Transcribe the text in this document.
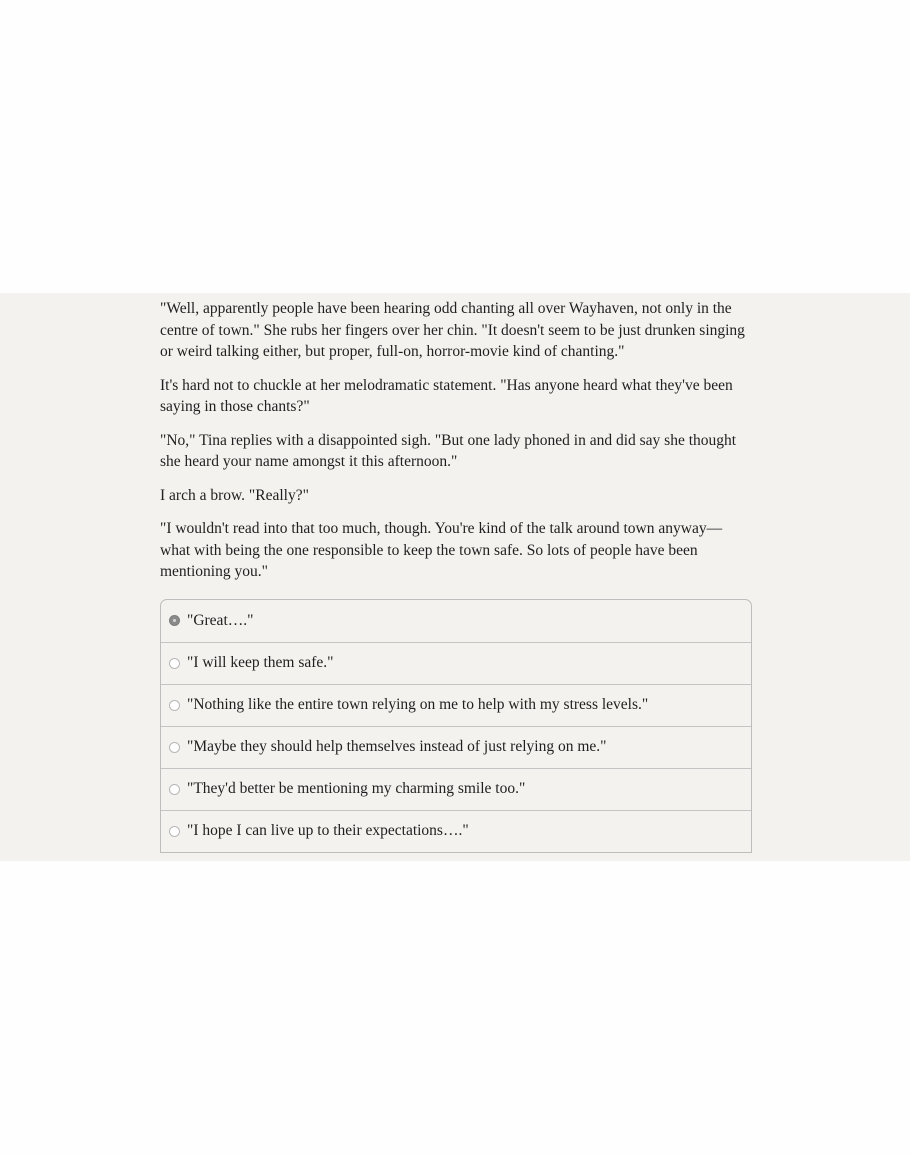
"Well, apparently people have been hearing odd chanting all over Wayhaven, not only in the centre of town." She rubs her fingers over her chin. "It doesn't seem to be just drunken singing or weird talking either, but proper, full-on, horror-movie kind of chanting."

It's hard not to chuckle at her melodramatic statement. "Has anyone heard what they've been saying in those chants?"

"No," Tina replies with a disappointed sigh. "But one lady phoned in and did say she thought she heard your name amongst it this afternoon."

I arch a brow. "Really?"

"I wouldn't read into that too much, though. You're kind of the talk around town anyway—what with being the one responsible to keep the town safe. So lots of people have been mentioning you."

"Great…."
"I will keep them safe."
"Nothing like the entire town relying on me to help with my stress levels."
"Maybe they should help themselves instead of just relying on me."
"They'd better be mentioning my charming smile too."
"I hope I can live up to their expectations…."
